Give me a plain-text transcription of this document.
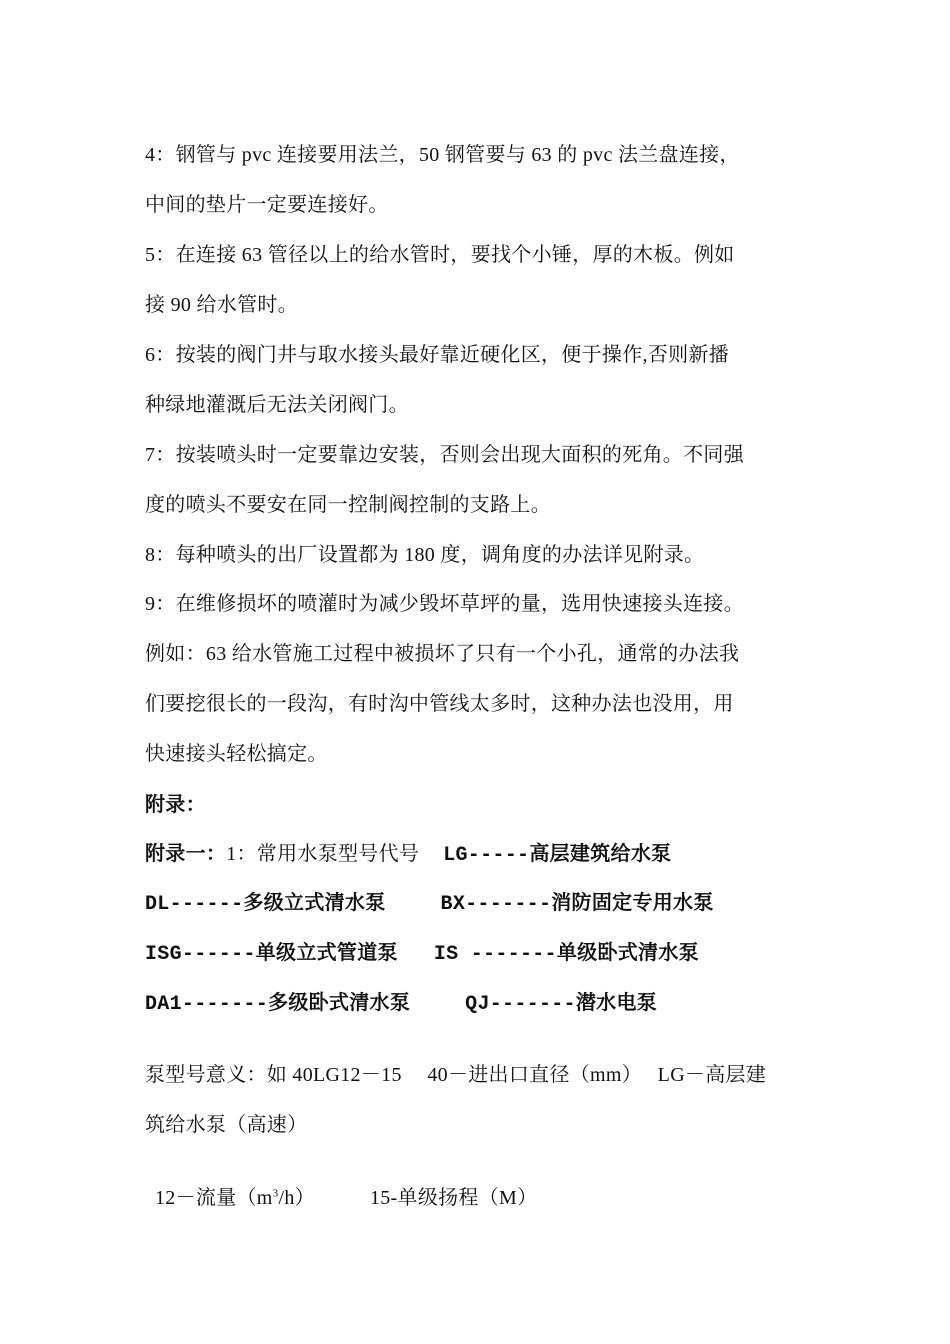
4：钢管与 pvc 连接要用法兰，50 钢管要与 63 的 pvc 法兰盘连接，
中间的垫片一定要连接好。
5：在连接 63 管径以上的给水管时，要找个小锤，厚的木板。例如
接 90 给水管时。
6：按装的阀门井与取水接头最好靠近硬化区，便于操作,否则新播
种绿地灌溉后无法关闭阀门。
7：按装喷头时一定要靠边安装，否则会出现大面积的死角。不同强
度的喷头不要安在同一控制阀控制的支路上。
8：每种喷头的出厂设置都为 180 度，调角度的办法详见附录。
9：在维修损坏的喷灌时为减少毁坏草坪的量，选用快速接头连接。
例如：63 给水管施工过程中被损坏了只有一个小孔，通常的办法我
们要挖很长的一段沟，有时沟中管线太多时，这种办法也没用，用
快速接头轻松搞定。
附录：
附录一：1：常用水泵型号代号 LG-----高层建筑给水泵
DL------多级立式清水泵	BX-------消防固定专用水泵
ISG------单级立式管道泵 IS -------单级卧式清水泵
DA1-------多级卧式清水泵	QJ-------潜水电泵
泵型号意义：如 40LG12－15　 40－进出口直径（mm）　 LG－高层建
筑给水泵（高速）
12－流量$(m^3/h)$	15-单级扬程（M）
